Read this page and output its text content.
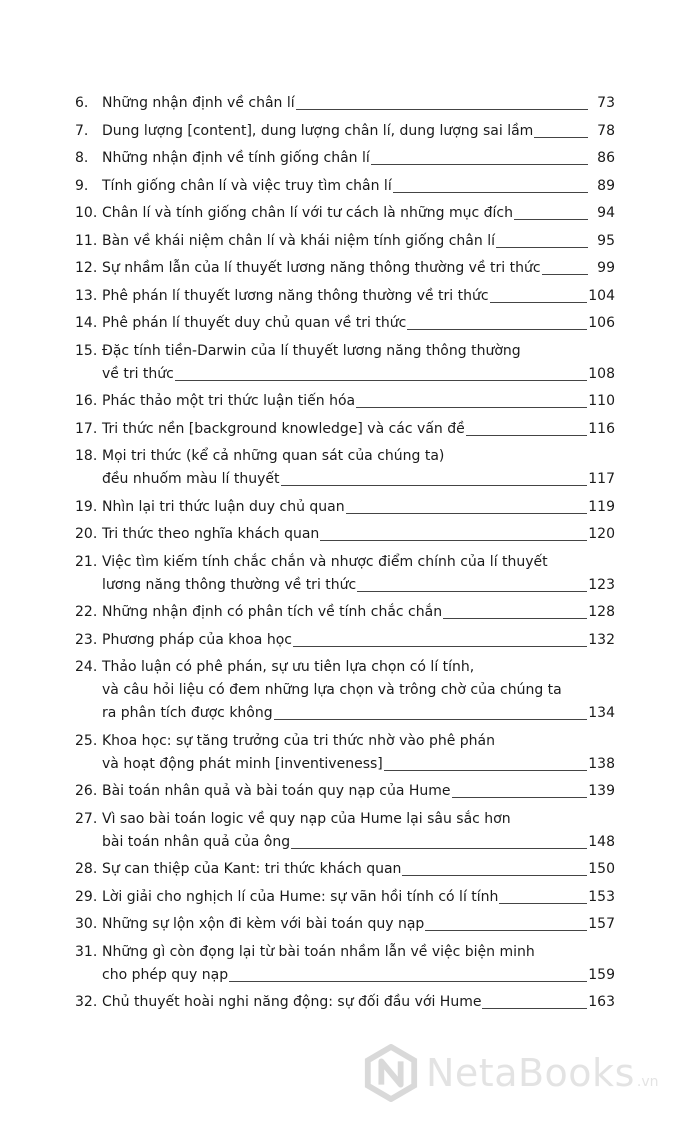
6. Những nhận định về chân lí	73
7. Dung lượng [content], dung lượng chân lí, dung lượng sai lầm	78
8. Những nhận định về tính giống chân lí	86
9. Tính giống chân lí và việc truy tìm chân lí	89
10. Chân lí và tính giống chân lí với tư cách là những mục đích	94
11. Bàn về khái niệm chân lí và khái niệm tính giống chân lí	95
12. Sự nhầm lẫn của lí thuyết lương năng thông thường về tri thức	99
13. Phê phán lí thuyết lương năng thông thường về tri thức	104
14. Phê phán lí thuyết duy chủ quan về tri thức	106
15. Đặc tính tiền-Darwin của lí thuyết lương năng thông thường
về tri thức	108
16. Phác thảo một tri thức luận tiến hóa	110
17. Tri thức nền [background knowledge] và các vấn đề	116
18. Mọi tri thức (kể cả những quan sát của chúng ta)
đều nhuốm màu lí thuyết	117
19. Nhìn lại tri thức luận duy chủ quan	119
20. Tri thức theo nghĩa khách quan	120
21. Việc tìm kiếm tính chắc chắn và nhược điểm chính của lí thuyết
lương năng thông thường về tri thức	123
22. Những nhận định có phân tích về tính chắc chắn	128
23. Phương pháp của khoa học	132
24. Thảo luận có phê phán, sự ưu tiên lựa chọn có lí tính,
và câu hỏi liệu có đem những lựa chọn và trông chờ của chúng ta
ra phân tích được không	134
25. Khoa học: sự tăng trưởng của tri thức nhờ vào phê phán
và hoạt động phát minh [inventiveness]	138
26. Bài toán nhân quả và bài toán quy nạp của Hume	139
27. Vì sao bài toán logic về quy nạp của Hume lại sâu sắc hơn
bài toán nhân quả của ông	148
28. Sự can thiệp của Kant: tri thức khách quan	150
29. Lời giải cho nghịch lí của Hume: sự vãn hồi tính có lí tính	153
30. Những sự lộn xộn đi kèm với bài toán quy nạp	157
31. Những gì còn đọng lại từ bài toán nhầm lẫn về việc biện minh
cho phép quy nạp	159
32. Chủ thuyết hoài nghi năng động: sự đối đầu với Hume	163
NetaBooks .vn
